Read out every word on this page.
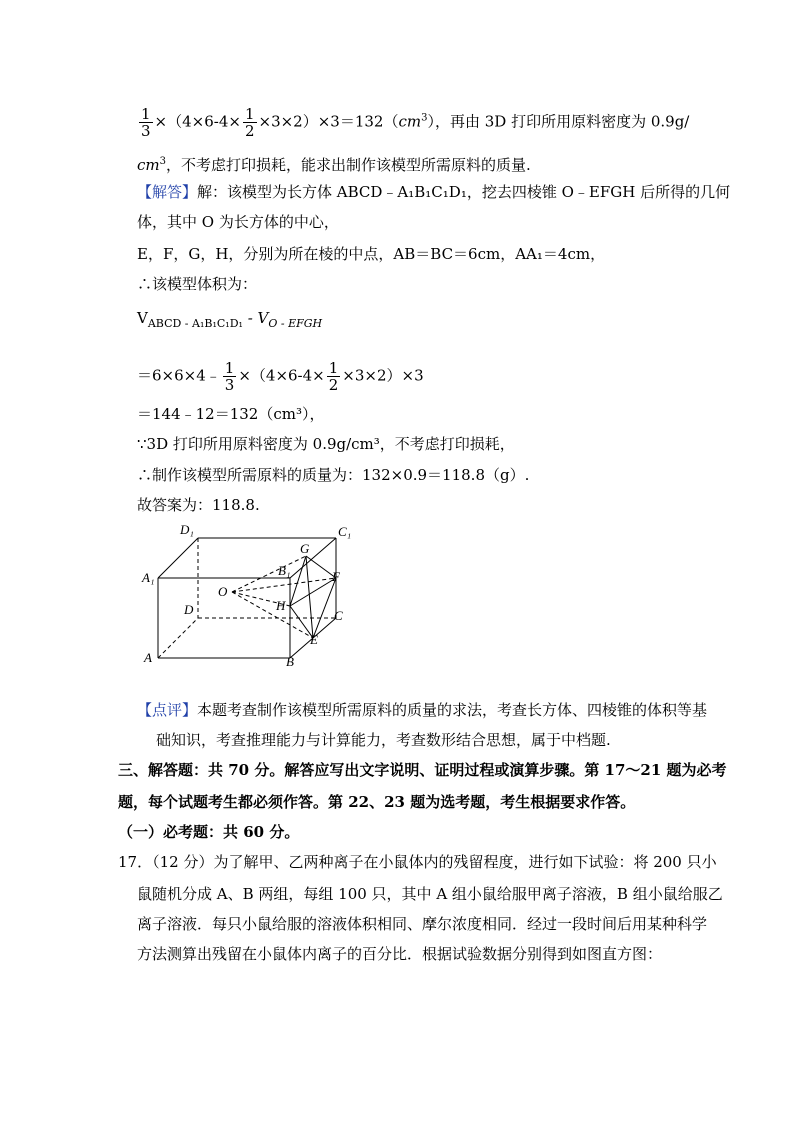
$\frac{1}{3} \times(4\times 6-4\times \frac{1}{2} \times 3\times 2)\times 3=132(cm^3)$，再由 3D 打印所用原料密度为 0.9g/
$cm^3$，不考虑打印损耗，能求出制作该模型所需原料的质量.
【解答】解：该模型为长方体 ABCD﹣A₁B₁C₁D₁，挖去四棱锥 O﹣EFGH 后所得的几何
体，其中 O 为长方体的中心，
E，F，G，H，分别为所在棱的中点，AB＝BC＝6cm，AA₁＝4cm，
∴该模型体积为：
$V_{ABCD - A_1B_1C_1D_1} - V_{O - EFGH}$
＝6×6×4﹣ $\frac{1}{3} \times(4\times 6-4\times \frac{1}{2} \times 3\times 2)\times 3$
＝144﹣12＝132（cm³），
∵3D 打印所用原料密度为 0.9g/cm³，不考虑打印损耗，
∴制作该模型所需原料的质量为：132×0.9＝118.8（g）.
故答案为：118.8.
D₁	C₁
A₁	B₁
G
F
O
H
D	C
E
A	B
【点评】本题考查制作该模型所需原料的质量的求法，考查长方体、四棱锥的体积等基
础知识，考查推理能力与计算能力，考查数形结合思想，属于中档题.
三、解答题：共 70 分。解答应写出文字说明、证明过程或演算步骤。第 17～21 题为必考
题，每个试题考生都必须作答。第 22、23 题为选考题，考生根据要求作答。
（一）必考题：共 60 分。
17．（12 分）为了解甲、乙两种离子在小鼠体内的残留程度，进行如下试验：将 200 只小
鼠随机分成 A、B 两组，每组 100 只，其中 A 组小鼠给服甲离子溶液，B 组小鼠给服乙
离子溶液．每只小鼠给服的溶液体积相同、摩尔浓度相同．经过一段时间后用某种科学
方法测算出残留在小鼠体内离子的百分比．根据试验数据分别得到如图直方图：
